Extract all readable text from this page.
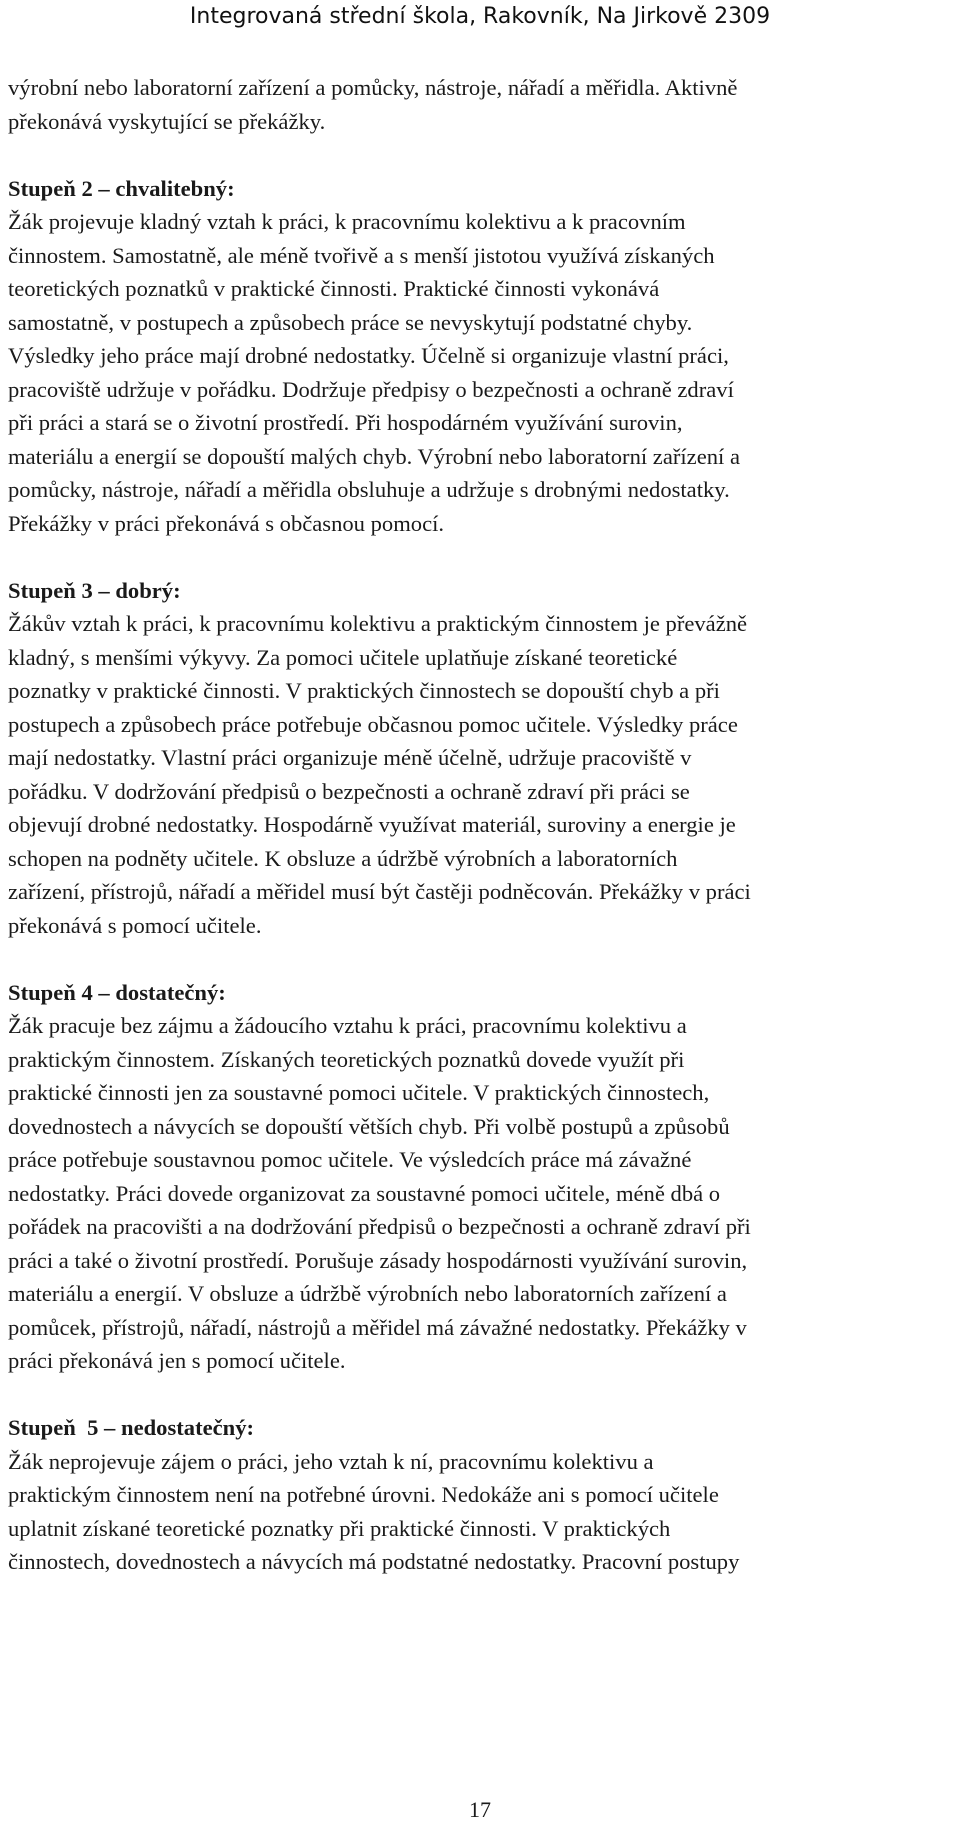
Integrovaná střední škola, Rakovník, Na Jirkově 2309

výrobní nebo laboratorní zařízení a pomůcky, nástroje, nářadí a měřidla. Aktivně

překonává vyskytující se překážky.

Stupeň 2 – chvalitebný:

Žák projevuje kladný vztah k práci, k pracovnímu kolektivu a k pracovním

činnostem. Samostatně, ale méně tvořivě a s menší jistotou využívá získaných

teoretických poznatků v praktické činnosti. Praktické činnosti vykonává

samostatně, v postupech a způsobech práce se nevyskytují podstatné chyby.

Výsledky jeho práce mají drobné nedostatky. Účelně si organizuje vlastní práci,

pracoviště udržuje v pořádku. Dodržuje předpisy o bezpečnosti a ochraně zdraví

při práci a stará se o životní prostředí. Při hospodárném využívání surovin,

materiálu a energií se dopouští malých chyb. Výrobní nebo laboratorní zařízení a

pomůcky, nástroje, nářadí a měřidla obsluhuje a udržuje s drobnými nedostatky.

Překážky v práci překonává s občasnou pomocí.

Stupeň 3 – dobrý:

Žákův vztah k práci, k pracovnímu kolektivu a praktickým činnostem je převážně

kladný, s menšími výkyvy. Za pomoci učitele uplatňuje získané teoretické

poznatky v praktické činnosti. V praktických činnostech se dopouští chyb a při

postupech a způsobech práce potřebuje občasnou pomoc učitele. Výsledky práce

mají nedostatky. Vlastní práci organizuje méně účelně, udržuje pracoviště v

pořádku. V dodržování předpisů o bezpečnosti a ochraně zdraví při práci se

objevují drobné nedostatky. Hospodárně využívat materiál, suroviny a energie je

schopen na podněty učitele. K obsluze a údržbě výrobních a laboratorních

zařízení, přístrojů, nářadí a měřidel musí být častěji podněcován. Překážky v práci

překonává s pomocí učitele.

Stupeň 4 – dostatečný:

Žák pracuje bez zájmu a žádoucího vztahu k práci, pracovnímu kolektivu a

praktickým činnostem. Získaných teoretických poznatků dovede využít při

praktické činnosti jen za soustavné pomoci učitele. V praktických činnostech,

dovednostech a návycích se dopouští větších chyb. Při volbě postupů a způsobů

práce potřebuje soustavnou pomoc učitele. Ve výsledcích práce má závažné

nedostatky. Práci dovede organizovat za soustavné pomoci učitele, méně dbá o

pořádek na pracovišti a na dodržování předpisů o bezpečnosti a ochraně zdraví při

práci a také o životní prostředí. Porušuje zásady hospodárnosti využívání surovin,

materiálu a energií. V obsluze a údržbě výrobních nebo laboratorních zařízení a

pomůcek, přístrojů, nářadí, nástrojů a měřidel má závažné nedostatky. Překážky v

práci překonává jen s pomocí učitele.

Stupeň  5 – nedostatečný:

Žák neprojevuje zájem o práci, jeho vztah k ní, pracovnímu kolektivu a

praktickým činnostem není na potřebné úrovni. Nedokáže ani s pomocí učitele

uplatnit získané teoretické poznatky při praktické činnosti. V praktických

činnostech, dovednostech a návycích má podstatné nedostatky. Pracovní postupy

17
